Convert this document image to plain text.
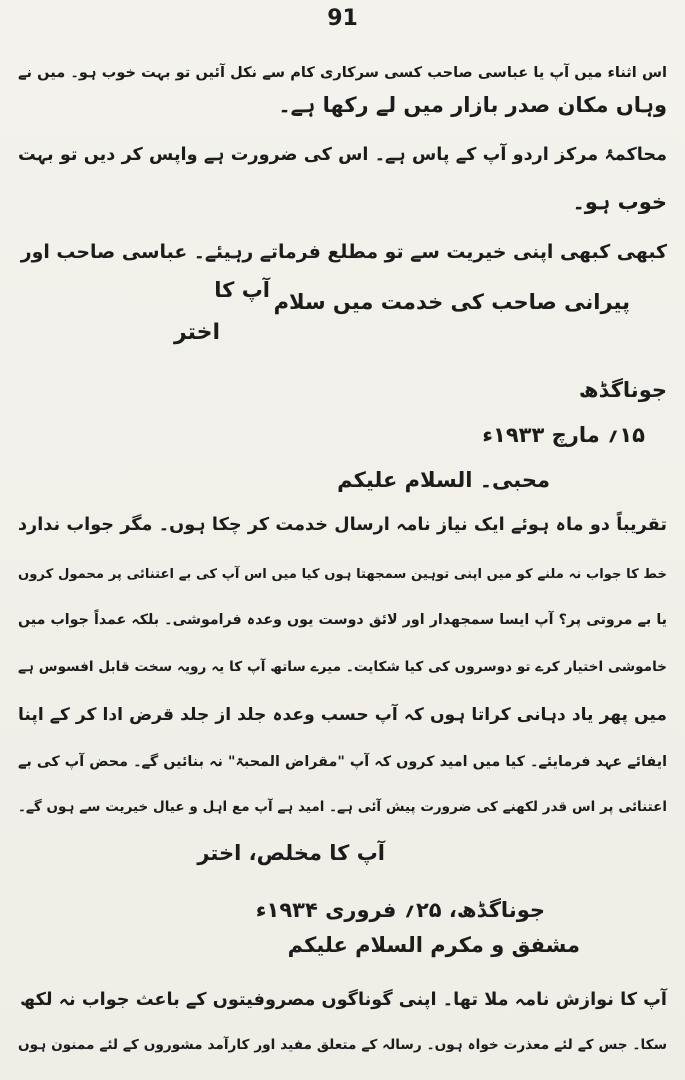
91
اس اثناء میں آپ یا عباسی صاحب کسی سرکاری کام سے نکل آئیں تو بہت خوب ہو۔ میں نے
وہاں مکان صدر بازار میں لے رکھا ہے۔
محاکمۂ مرکز اردو آپ کے پاس ہے۔ اس کی ضرورت ہے واپس کر دیں تو بہت
خوب ہو۔
کبھی کبھی اپنی خیریت سے تو مطلع فرماتے رہیئے۔ عباسی صاحب اور
پیرانی صاحب کی خدمت میں سلام
آپ کا
اختر
جوناگڈھ
۱۵؍ مارچ ۱۹۳۳ء
محبی۔ السلام علیکم
تقریباً دو ماہ ہوئے ایک نیاز نامہ ارسال خدمت کر چکا ہوں۔ مگر جواب ندارد
خط کا جواب نہ ملنے کو میں اپنی توہین سمجھتا ہوں کیا میں اس آپ کی بے اعتنائی پر محمول کروں
یا بے مروتی پر؟ آپ ایسا سمجھدار اور لائق دوست یوں وعدہ فراموشی۔ بلکہ عمداً جواب میں
خاموشی اختیار کرے تو دوسروں کی کیا شکایت۔ میرے ساتھ آپ کا یہ رویہ سخت قابل افسوس ہے
میں پھر یاد دہانی کراتا ہوں کہ آپ حسب وعدہ جلد از جلد قرض ادا کر کے اپنا
ایفائے عہد فرمایئے۔ کیا میں امید کروں کہ آپ "مقراض المحبۃ" نہ بنائیں گے۔ محض آپ کی بے
اعتنائی پر اس قدر لکھنے کی ضرورت پیش آئی ہے۔ امید ہے آپ مع اہل و عیال خیریت سے ہوں گے۔
آپ کا مخلص، اختر
جوناگڈھ، ۲۵؍ فروری ۱۹۳۴ء
مشفق و مکرم السلام علیکم
آپ کا نوازش نامہ ملا تھا۔ اپنی گوناگوں مصروفیتوں کے باعث جواب نہ لکھ
سکا۔ جس کے لئے معذرت خواہ ہوں۔ رسالہ کے متعلق مفید اور کارآمد مشوروں کے لئے ممنون ہوں
